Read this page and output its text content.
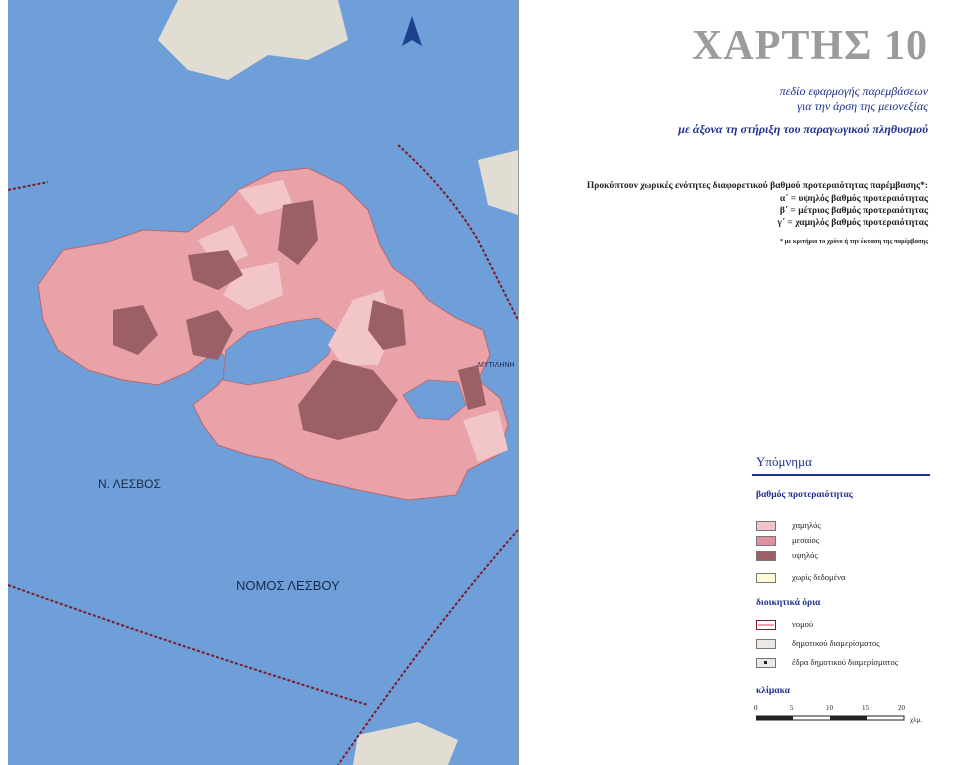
Ν. ΛΕΣΒΟΣ
ΝΟΜΟΣ ΛΕΣΒΟΥ
ΜΥΤΙΛΗΝΗ
ΧΑΡΤΗΣ 10
πεδίο εφαρμογής παρεμβάσεων
για την άρση της μειονεξίας
με άξονα τη στήριξη του παραγωγικού πληθυσμού
Προκύπτουν χωρικές ενότητες διαφορετικού βαθμού προτεραιότητας παρέμβασης*:
α΄ = υψηλός βαθμός προτεραιότητας
β΄ = μέτριος βαθμός προτεραιότητας
γ΄ = χαμηλός βαθμός προτεραιότητας
* με κριτήριο το χρόνο ή την έκταση της παρέμβασης
Υπόμνημα
βαθμός προτεραιότητας
χαμηλός
μεσαίος
υψηλός
χωρίς δεδομένα
διοικητικά όρια
νομού
δημοτικού διαμερίσματος
έδρα δημοτικού διαμερίσματος
κλίμακα
0	5	10	15	20
χλμ.
